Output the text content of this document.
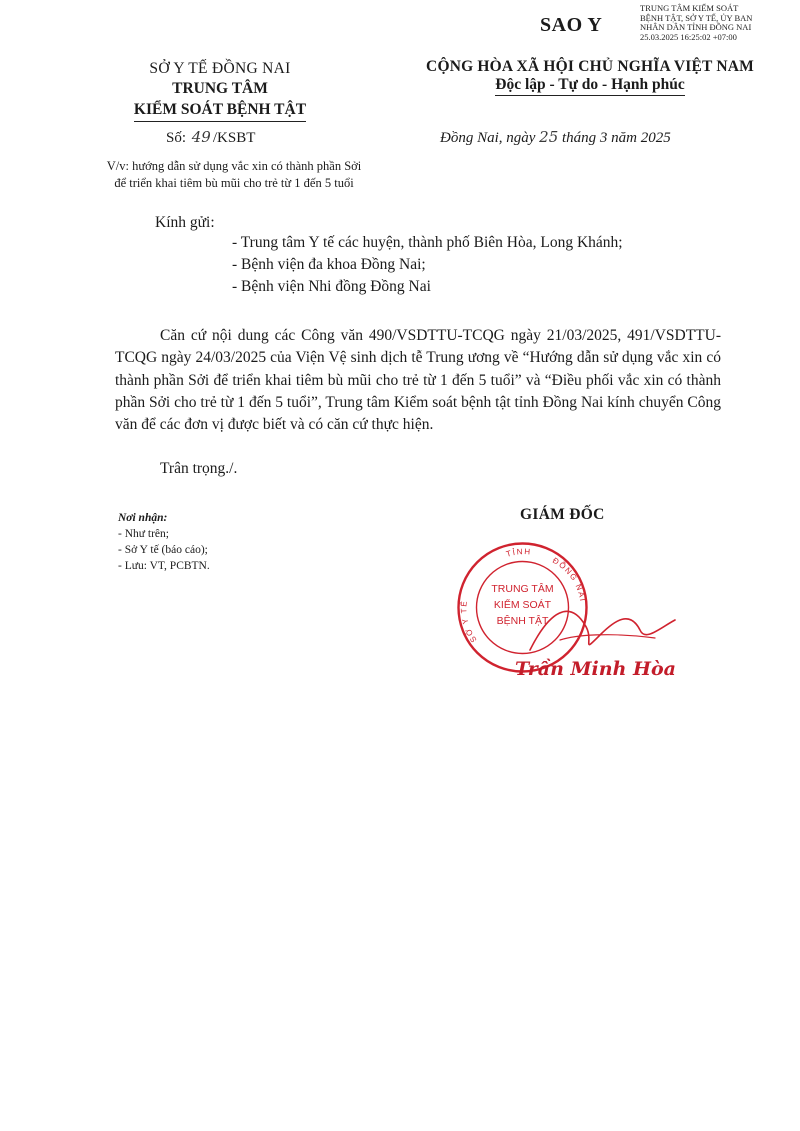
SAO Y
TRUNG TÂM KIỂM SOÁT
BỆNH TẬT, SỞ Y TẾ, ỦY BAN
NHÂN DÂN TỈNH ĐỒNG NAI
25.03.2025 16:25:02 +07:00
SỞ Y TẾ ĐỒNG NAI
TRUNG TÂM
KIỂM SOÁT BỆNH TẬT
Số: 49 /KSBT
V/v: hướng dẫn sử dụng vắc xin có thành phần Sởi
để triển khai tiêm bù mũi cho trẻ từ 1 đến 5 tuổi
CỘNG HÒA XÃ HỘI CHỦ NGHĨA VIỆT NAM
Độc lập - Tự do - Hạnh phúc
Đồng Nai, ngày 25 tháng 3 năm 2025
Kính gửi:
- Trung tâm Y tế các huyện, thành phố Biên Hòa, Long Khánh;
- Bệnh viện đa khoa Đồng Nai;
- Bệnh viện Nhi đồng Đồng Nai

Căn cứ nội dung các Công văn 490/VSDTTU-TCQG ngày 21/03/2025, 491/VSDTTU-TCQG ngày 24/03/2025 của Viện Vệ sinh dịch tễ Trung ương về “Hướng dẫn sử dụng vắc xin có thành phần Sởi để triển khai tiêm bù mũi cho trẻ từ 1 đến 5 tuổi” và “Điều phối vắc xin có thành phần Sởi cho trẻ từ 1 đến 5 tuổi”, Trung tâm Kiểm soát bệnh tật tỉnh Đồng Nai kính chuyển Công văn để các đơn vị được biết và có căn cứ thực hiện.

Trân trọng./.
Nơi nhận:
- Như trên;
- Sở Y tế (báo cáo);
- Lưu: VT, PCBTN.
GIÁM ĐỐC
SỞ Y TẾ
TỈNH
ĐỒNG NAI
TRUNG TÂM
KIỂM SOÁT
BỆNH TẬT
Trần Minh Hòa
